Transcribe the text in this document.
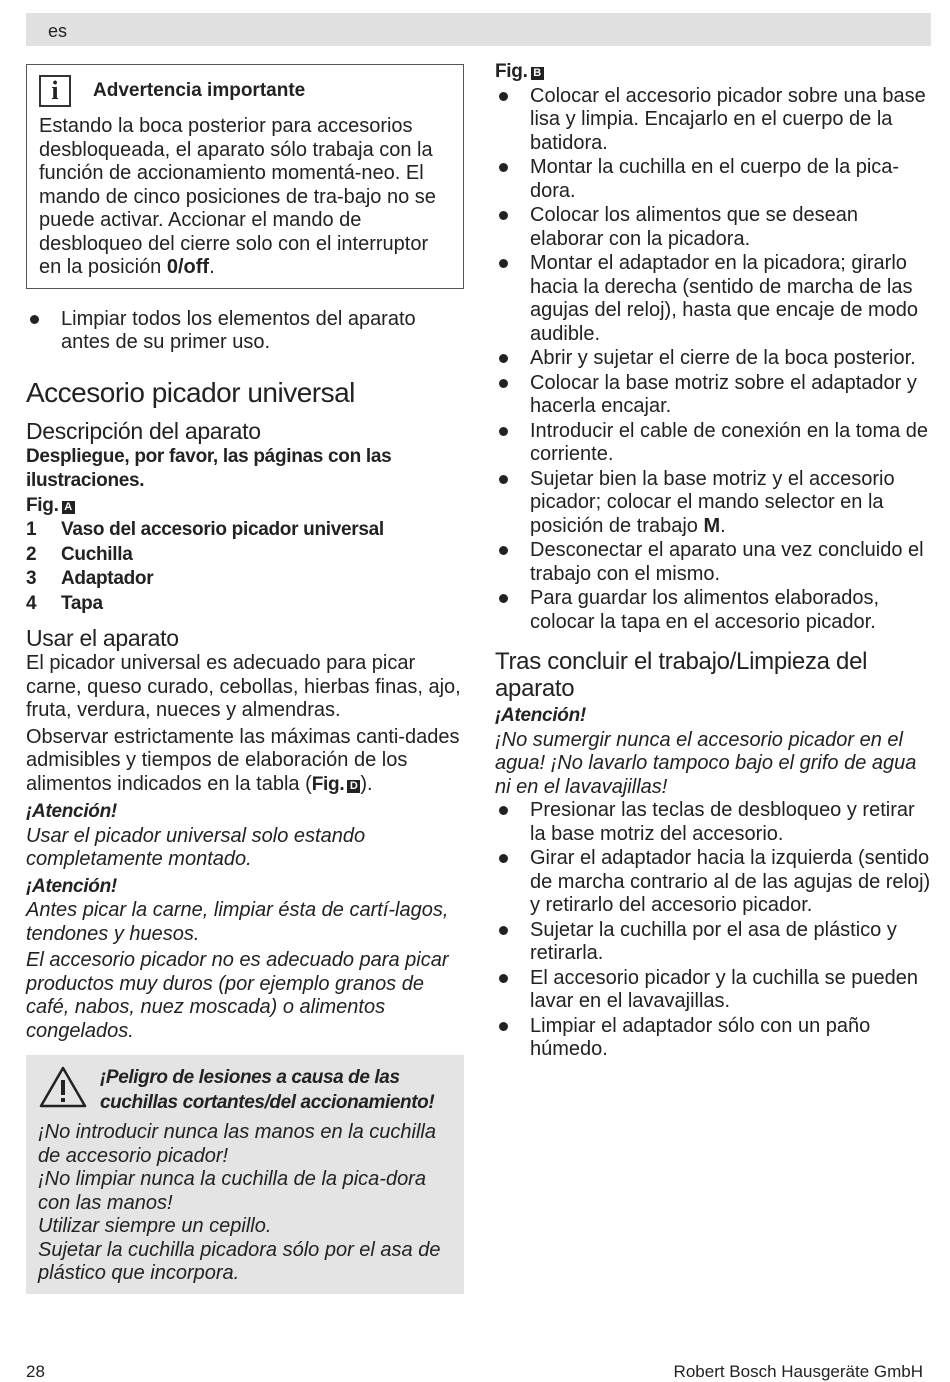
es
i	Advertencia importante

Estando la boca posterior para accesorios desbloqueada, el aparato sólo trabaja con la función de accionamiento momentá-neo. El mando de cinco posiciones de tra-bajo no se puede activar. Accionar el mando de desbloqueo del cierre solo con el interruptor en la posición 0/off.

Limpiar todos los elementos del aparato antes de su primer uso.
Accesorio picador universal
Descripción del aparato

Despliegue, por favor, las páginas con las ilustraciones.

Fig. A

1 Vaso del accesorio picador universal
2 Cuchilla
3 Adaptador
4 Tapa
Usar el aparato

El picador universal es adecuado para picar carne, queso curado, cebollas, hierbas finas, ajo, fruta, verdura, nueces y almendras.

Observar estrictamente las máximas canti-dades admisibles y tiempos de elaboración de los alimentos indicados en la tabla (Fig. D ).

¡Atención!

Usar el picador universal solo estando completamente montado.

¡Atención!

Antes picar la carne, limpiar ésta de cartí-lagos, tendones y huesos.

El accesorio picador no es adecuado para picar productos muy duros (por ejemplo granos de café, nabos, nuez moscada) o alimentos congelados.

¡Peligro de lesiones a causa de las cuchillas cortantes/del accionamiento!

¡No introducir nunca las manos en la cuchilla de accesorio picador!

¡No limpiar nunca la cuchilla de la pica-dora con las manos!

Utilizar siempre un cepillo.

Sujetar la cuchilla picadora sólo por el asa de plástico que incorpora.

Fig. B

Colocar el accesorio picador sobre una base lisa y limpia. Encajarlo en el cuerpo de la batidora.
Montar la cuchilla en el cuerpo de la pica-dora.
Colocar los alimentos que se desean elaborar con la picadora.
Montar el adaptador en la picadora; girarlo hacia la derecha (sentido de marcha de las agujas del reloj), hasta que encaje de modo audible.
Abrir y sujetar el cierre de la boca posterior.
Colocar la base motriz sobre el adaptador y hacerla encajar.
Introducir el cable de conexión en la toma de corriente.
Sujetar bien la base motriz y el accesorio picador; colocar el mando selector en la posición de trabajo M.
Desconectar el aparato una vez concluido el trabajo con el mismo.
Para guardar los alimentos elaborados, colocar la tapa en el accesorio picador.
Tras concluir el trabajo/Limpieza del aparato

¡Atención!

¡No sumergir nunca el accesorio picador en el agua! ¡No lavarlo tampoco bajo el grifo de agua ni en el lavavajillas!

Presionar las teclas de desbloqueo y retirar la base motriz del accesorio.
Girar el adaptador hacia la izquierda (sentido de marcha contrario al de las agujas de reloj) y retirarlo del accesorio picador.
Sujetar la cuchilla por el asa de plástico y retirarla.
El accesorio picador y la cuchilla se pueden lavar en el lavavajillas.
Limpiar el adaptador sólo con un paño húmedo.
28	Robert Bosch Hausgeräte GmbH
